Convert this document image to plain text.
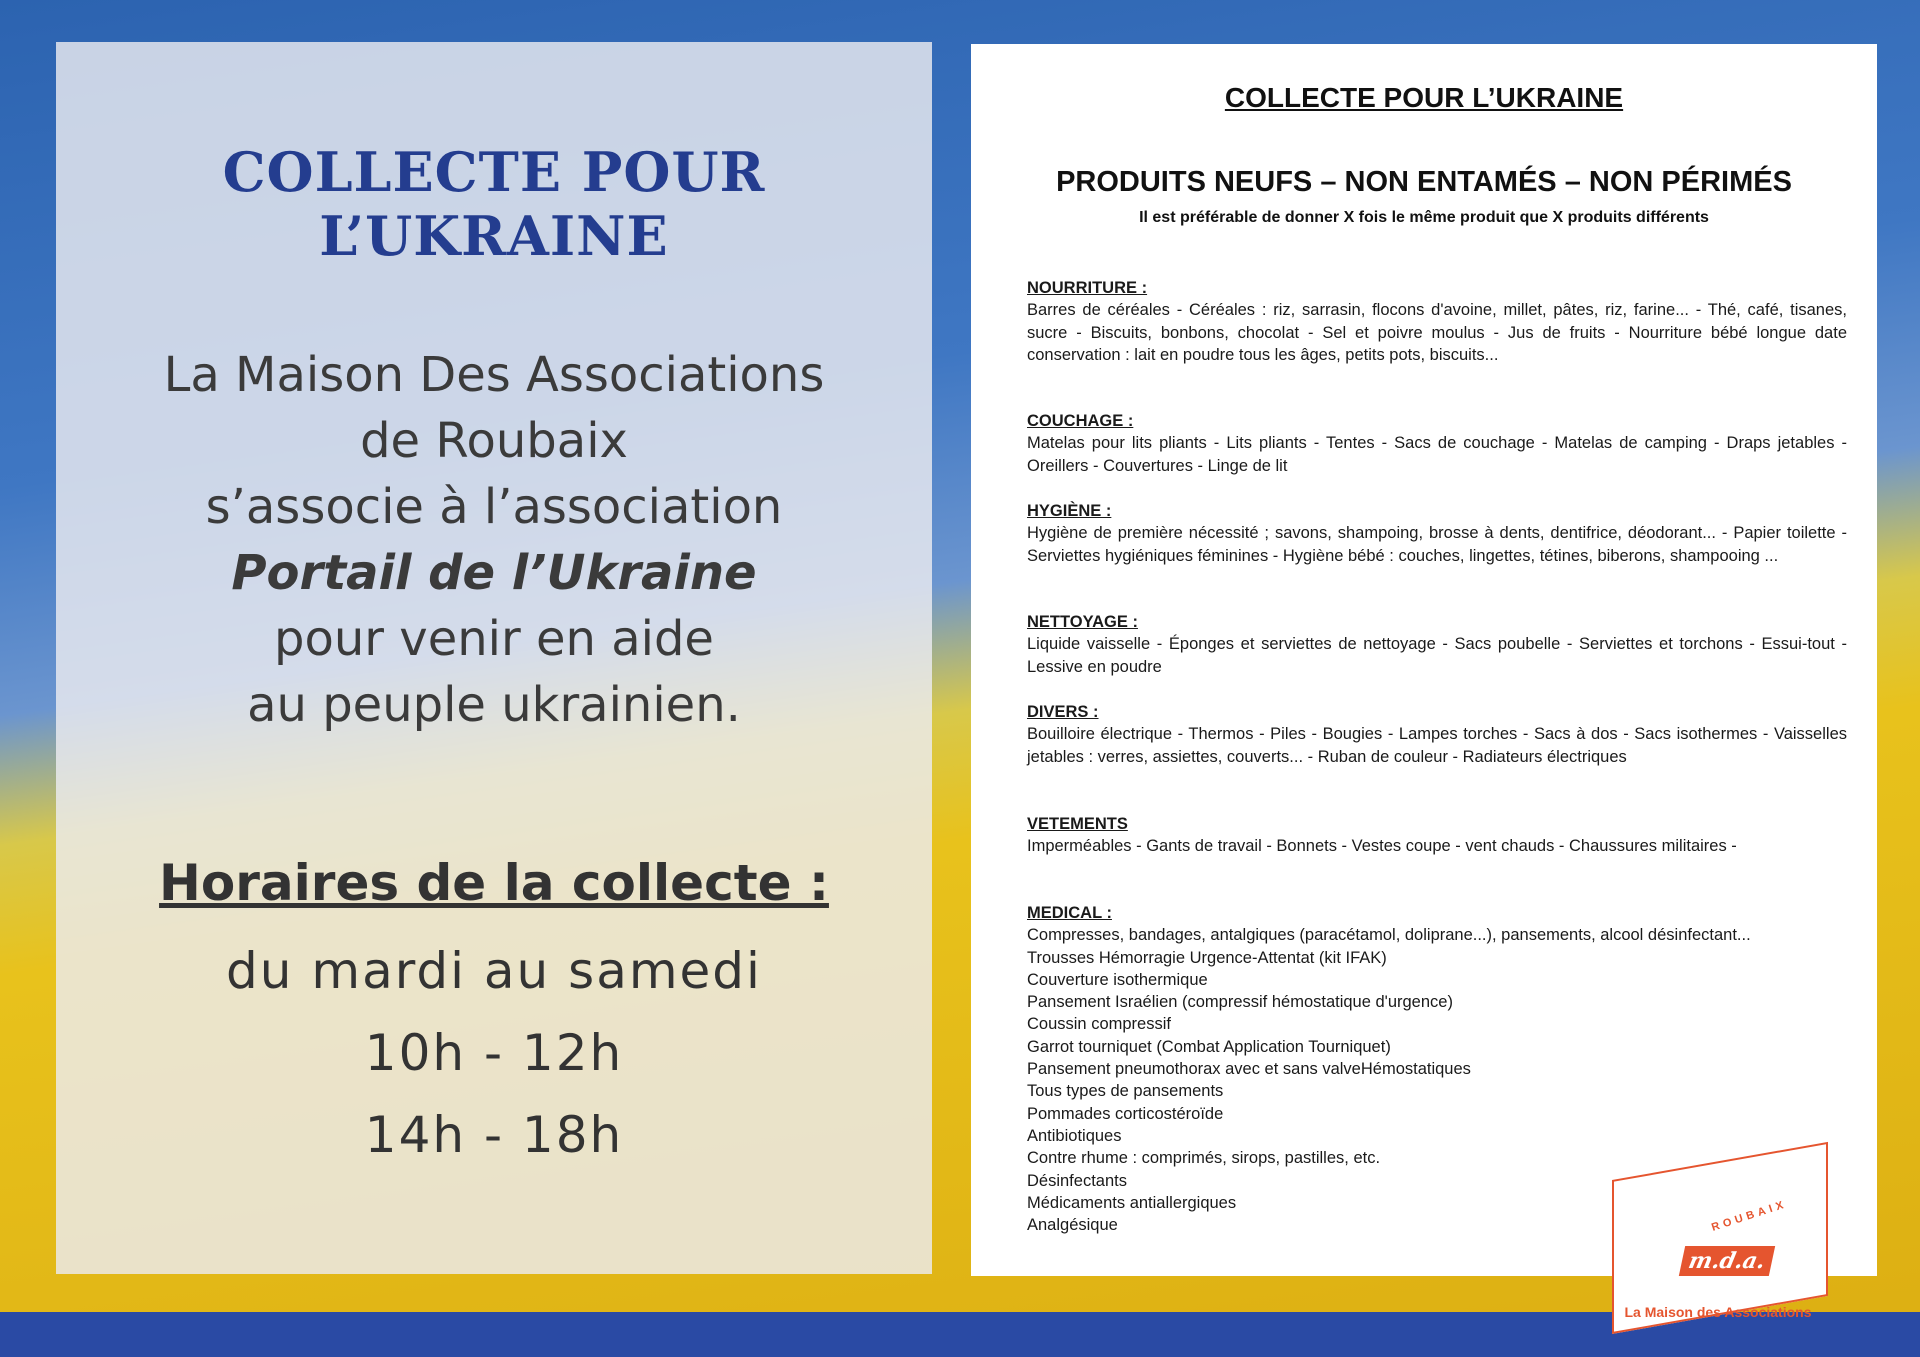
COLLECTE POUR L’UKRAINE
La Maison Des Associations
de Roubaix
s’associe à l’association
Portail de l’Ukraine
pour venir en aide
au peuple ukrainien.
Horaires de la collecte :
du mardi au samedi
10h - 12h
14h - 18h
COLLECTE POUR L’UKRAINE
PRODUITS NEUFS – NON ENTAMÉS – NON PÉRIMÉS
Il est préférable de donner X fois le même produit que X produits différents
NOURRITURE :
Barres de céréales - Céréales : riz, sarrasin, flocons d'avoine, millet, pâtes, riz, farine... - Thé, café, tisanes, sucre - Biscuits, bonbons, chocolat - Sel et poivre moulus - Jus de fruits - Nourriture bébé longue date conservation : lait en poudre tous les âges, petits pots, biscuits...
COUCHAGE :
Matelas pour lits pliants - Lits pliants - Tentes - Sacs de couchage - Matelas de camping - Draps jetables - Oreillers - Couvertures - Linge de lit
HYGIÈNE :
Hygiène de première nécessité ; savons, shampoing, brosse à dents, dentifrice, déodorant... - Papier toilette - Serviettes hygiéniques féminines - Hygiène bébé : couches, lingettes, tétines, biberons, shampooing ...
NETTOYAGE :
Liquide vaisselle - Éponges et serviettes de nettoyage - Sacs poubelle - Serviettes et torchons - Essui-tout - Lessive en poudre
DIVERS :
Bouilloire électrique - Thermos - Piles - Bougies - Lampes torches - Sacs à dos - Sacs isothermes - Vaisselles jetables : verres, assiettes, couverts... - Ruban de couleur - Radiateurs électriques
VETEMENTS
Imperméables - Gants de travail - Bonnets - Vestes coupe - vent chauds - Chaussures militaires -
MEDICAL :
Compresses, bandages, antalgiques (paracétamol, doliprane...), pansements, alcool désinfectant...
Trousses Hémorragie Urgence-Attentat (kit IFAK)
Couverture isothermique
Pansement Israélien (compressif hémostatique d'urgence)
Coussin compressif
Garrot tourniquet (Combat Application Tourniquet)
Pansement pneumothorax avec et sans valveHémostatiques
Tous types de pansements
Pommades corticostéroïde
Antibiotiques
Contre rhume : comprimés, sirops, pastilles, etc.
Désinfectants
Médicaments antiallergiques
Analgésique	ROUBAIX
m.d.a.
La Maison des Associations
